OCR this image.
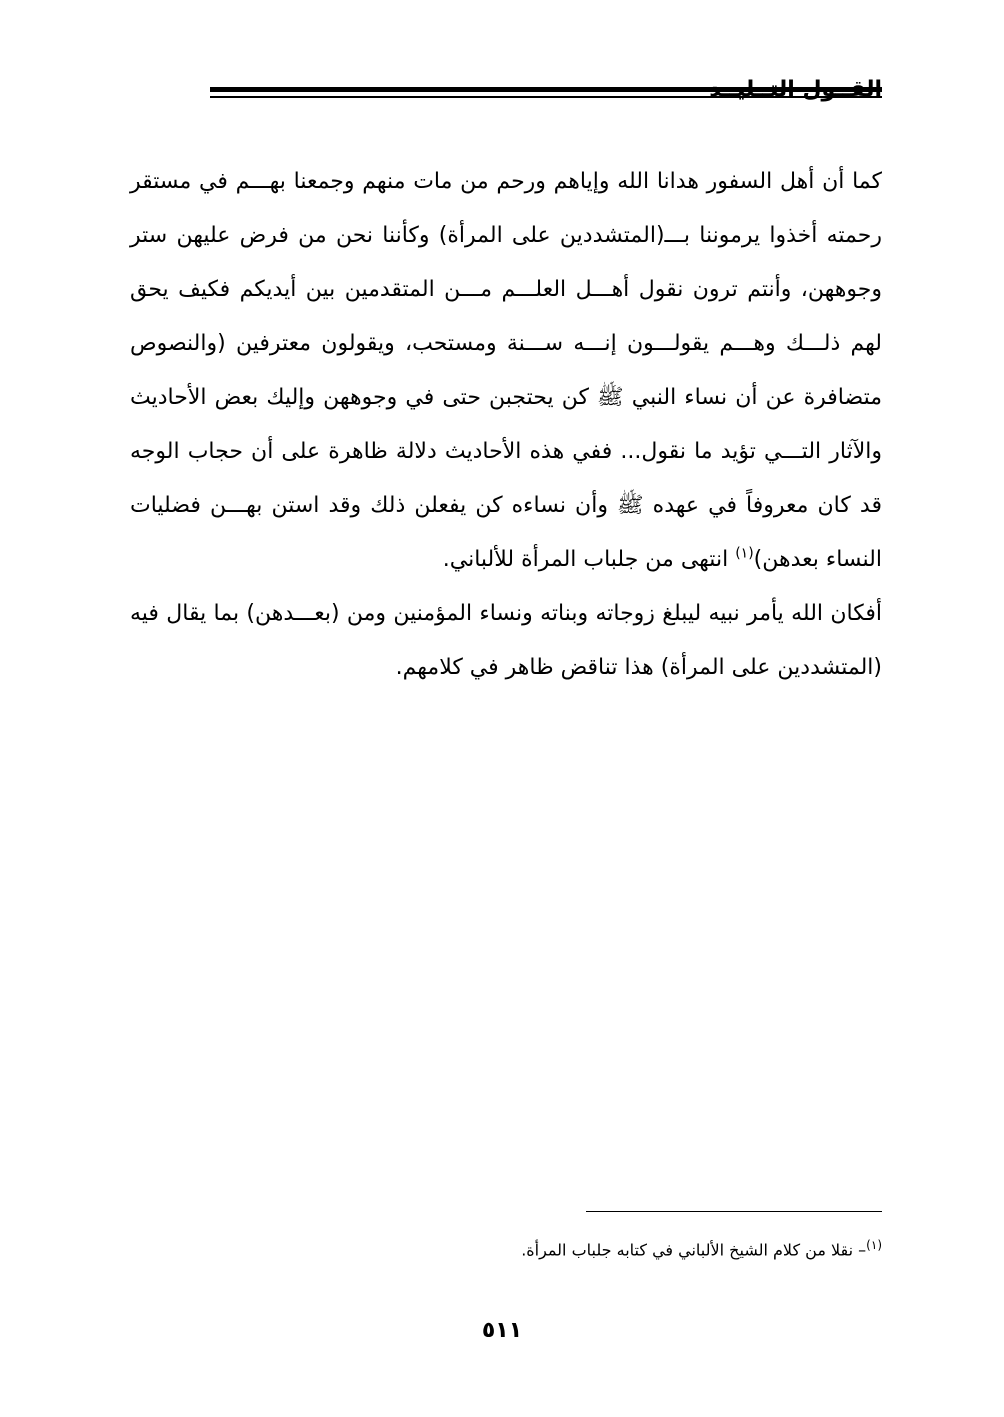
كما أن أهل السفور هدانا الله وإياهم ورحم من مات منهم وجمعنا بهـــم في مستقر رحمته أخذوا يرموننا بـــ(المتشددين على المرأة) وكأننا نحن من فرض عليهن ستر وجوههن، وأنتم ترون نقول أهـــل العلـــم مـــن المتقدمين بين أيديكم فكيف يحق لهم ذلـــك وهـــم يقولـــون إنـــه ســـنة ومستحب، ويقولون معترفين (والنصوص متضافرة عن أن نساء النبي ﷺ كن يحتجبن حتى في وجوههن وإليك بعض الأحاديث والآثار التـــي تؤيد ما نقول... ففي هذه الأحاديث دلالة ظاهرة على أن حجاب الوجه قد كان معروفاً في عهده ﷺ وأن نساءه كن يفعلن ذلك وقد استن بهـــن فضليات النساء بعدهن)$^{(١)}$ انتهى من جلباب المرأة للألباني.

أفكان الله يأمر نبيه ليبلغ زوجاته وبناته ونساء المؤمنين ومن (بعـــدهن) بما يقال فيه (المتشددين على المرأة) هذا تناقض ظاهر في كلامهم.

$^{(١)}$– نقلا من كلام الشيخ الألباني في كتابه جلباب المرأة.
٥١١
